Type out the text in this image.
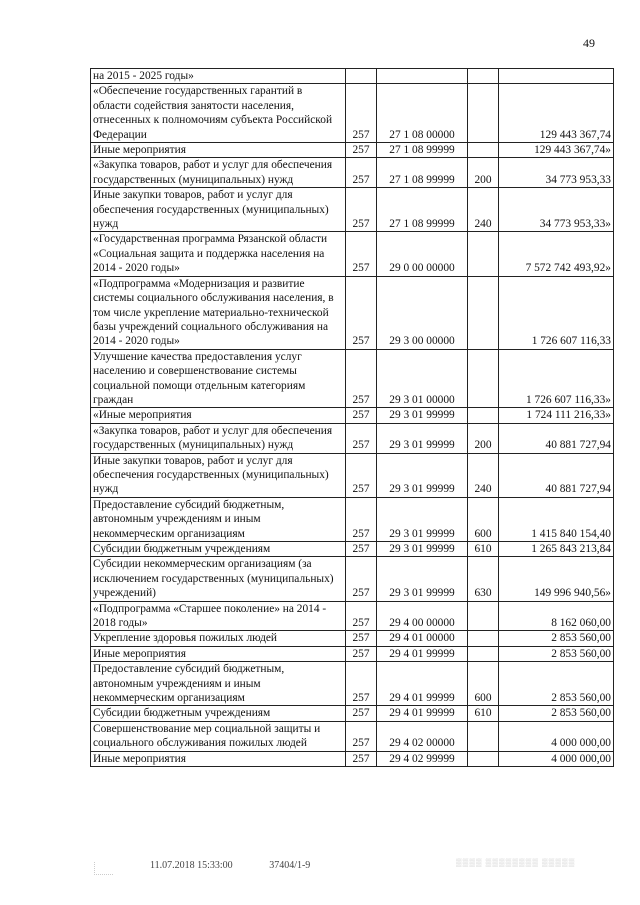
49
на 2015 - 2025 годы»				
«Обеспечение государственных гарантий в области содействия занятости населения, отнесенных к полномочиям субъекта Российской Федерации	257	27 1 08 00000		129 443 367,74
Иные мероприятия	257	27 1 08 99999		129 443 367,74»
«Закупка товаров, работ и услуг для обеспечения государственных (муниципальных) нужд	257	27 1 08 99999	200	34 773 953,33
Иные закупки товаров, работ и услуг для обеспечения государственных (муниципальных) нужд	257	27 1 08 99999	240	34 773 953,33»
«Государственная программа Рязанской области «Социальная защита и поддержка населения на 2014 - 2020 годы»	257	29 0 00 00000		7 572 742 493,92»
«Подпрограмма «Модернизация и развитие системы социального обслуживания населения, в том числе укрепление материально-технической базы учреждений социального обслуживания на 2014 - 2020 годы»	257	29 3 00 00000		1 726 607 116,33
Улучшение качества предоставления услуг населению и совершенствование системы социальной помощи отдельным категориям граждан	257	29 3 01 00000		1 726 607 116,33»
«Иные мероприятия	257	29 3 01 99999		1 724 111 216,33»
«Закупка товаров, работ и услуг для обеспечения государственных (муниципальных) нужд	257	29 3 01 99999	200	40 881 727,94
Иные закупки товаров, работ и услуг для обеспечения государственных (муниципальных) нужд	257	29 3 01 99999	240	40 881 727,94
Предоставление субсидий бюджетным, автономным учреждениям и иным некоммерческим организациям	257	29 3 01 99999	600	1 415 840 154,40
Субсидии бюджетным учреждениям	257	29 3 01 99999	610	1 265 843 213,84
Субсидии некоммерческим организациям (за исключением государственных (муниципальных) учреждений)	257	29 3 01 99999	630	149 996 940,56»
«Подпрограмма «Старшее поколение» на 2014 - 2018 годы»	257	29 4 00 00000		8 162 060,00
Укрепление здоровья пожилых людей	257	29 4 01 00000		2 853 560,00
Иные мероприятия	257	29 4 01 99999		2 853 560,00
Предоставление субсидий бюджетным, автономным учреждениям и иным некоммерческим организациям	257	29 4 01 99999	600	2 853 560,00
Субсидии бюджетным учреждениям	257	29 4 01 99999	610	2 853 560,00
Совершенствование мер социальной защиты и социального обслуживания пожилых людей	257	29 4 02 00000		4 000 000,00
Иные мероприятия	257	29 4 02 99999		4 000 000,00
11.07.2018 15:33:00	37404/1-9	▒▒▒▒ ▒▒▒▒▒▒▒▒ ▒▒▒▒▒
